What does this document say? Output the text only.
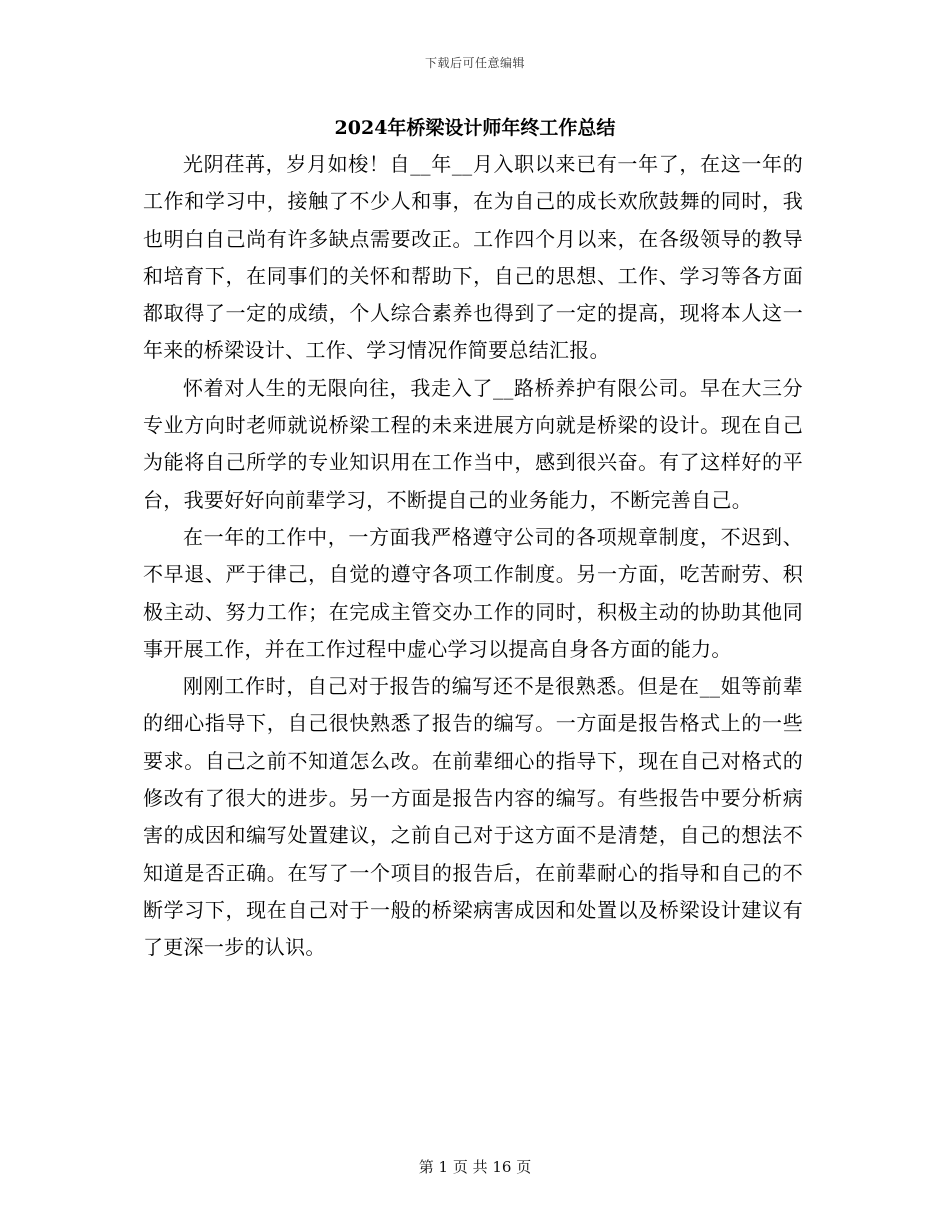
下载后可任意编辑
2024年桥梁设计师年终工作总结

光阴荏苒，岁月如梭！自__年__月入职以来已有一年了，在这一年的工作和学习中，接触了不少人和事，在为自己的成长欢欣鼓舞的同时，我也明白自己尚有许多缺点需要改正。工作四个月以来，在各级领导的教导和培育下，在同事们的关怀和帮助下，自己的思想、工作、学习等各方面都取得了一定的成绩，个人综合素养也得到了一定的提高，现将本人这一年来的桥梁设计、工作、学习情况作简要总结汇报。

怀着对人生的无限向往，我走入了__路桥养护有限公司。早在大三分专业方向时老师就说桥梁工程的未来进展方向就是桥梁的设计。现在自己为能将自己所学的专业知识用在工作当中，感到很兴奋。有了这样好的平台，我要好好向前辈学习，不断提自己的业务能力，不断完善自己。

在一年的工作中，一方面我严格遵守公司的各项规章制度，不迟到、不早退、严于律己，自觉的遵守各项工作制度。另一方面，吃苦耐劳、积极主动、努力工作；在完成主管交办工作的同时，积极主动的协助其他同事开展工作，并在工作过程中虚心学习以提高自身各方面的能力。

刚刚工作时，自己对于报告的编写还不是很熟悉。但是在__姐等前辈的细心指导下，自己很快熟悉了报告的编写。一方面是报告格式上的一些要求。自己之前不知道怎么改。在前辈细心的指导下，现在自己对格式的修改有了很大的进步。另一方面是报告内容的编写。有些报告中要分析病害的成因和编写处置建议，之前自己对于这方面不是清楚，自己的想法不知道是否正确。在写了一个项目的报告后，在前辈耐心的指导和自己的不断学习下，现在自己对于一般的桥梁病害成因和处置以及桥梁设计建议有了更深一步的认识。

第 1 页 共 16 页
